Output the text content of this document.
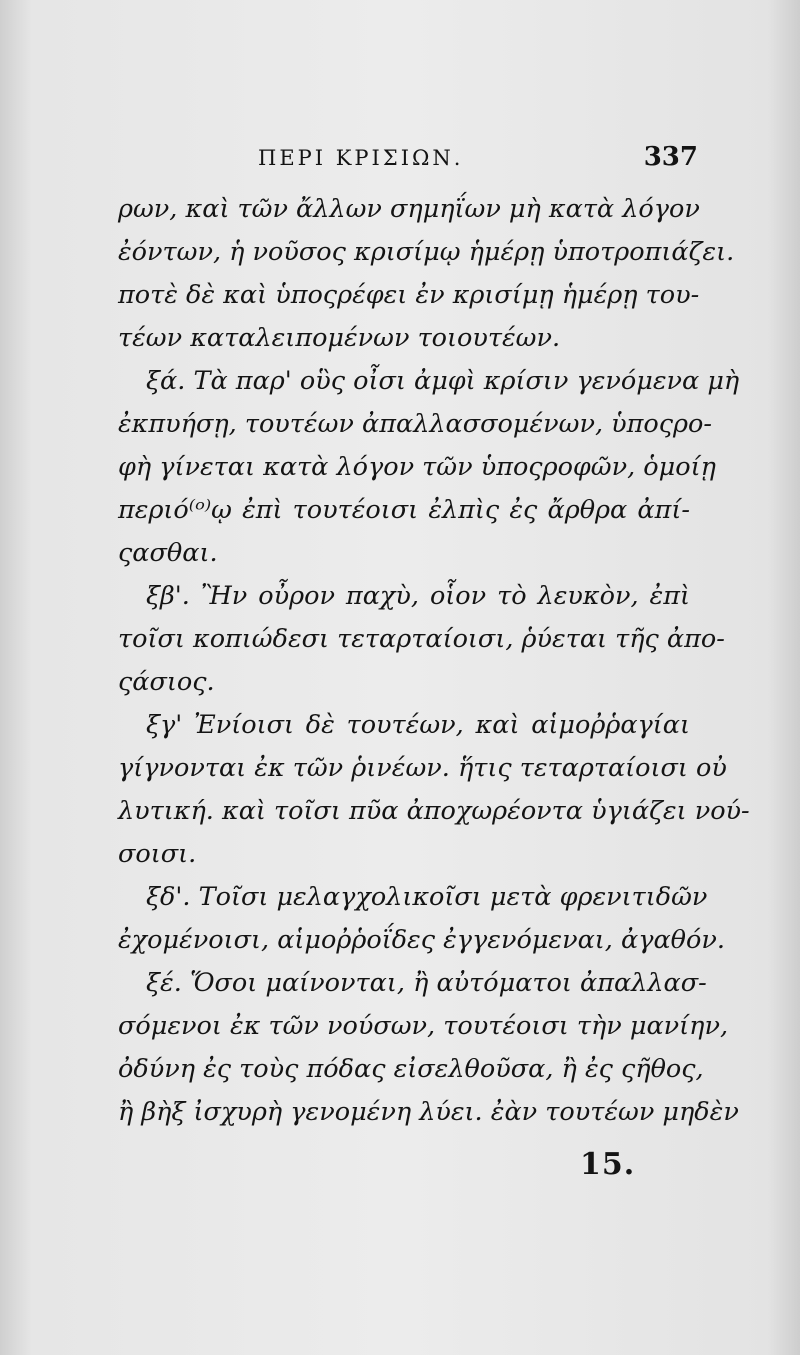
ΠΕΡΙ ΚΡΙΣΙΩΝ.	337
ρων, καὶ τῶν ἄλλων σημηΐων μὴ κατὰ λόγον
ἐόντων, ἡ νοῦσος κρισίμῳ ἡμέρῃ ὑποτροπιάζει.
ποτὲ δὲ καὶ ὑποςρέφει ἐν κρισίμῃ ἡμέρῃ του-
τέων καταλειπομένων τοιουτέων.
ξά. Τὰ παρ' οὓς οἶσι ἀμφὶ κρίσιν γενόμενα μὴ
ἐκπυήσῃ, τουτέων ἀπαλλασσομένων, ὑποςρο-
φὴ γίνεται κατὰ λόγον τῶν ὑποςροφῶν, ὁμοίῃ
περιό⁽ᵒ⁾ῳ ἐπὶ τουτέοισι ἐλπὶς ἐς ἄρθρα ἀπί-
ςασθαι.
ξβ'. Ἢν οὖρον παχὺ, οἷον τὸ λευκὸν, ἐπὶ
τοῖσι κοπιώδεσι τεταρταίοισι, ῥύεται τῆς ἀπο-
ςάσιος.
ξγ' Ἐνίοισι δὲ τουτέων, καὶ αἱμοῤῥαγίαι
γίγνονται ἐκ τῶν ῥινέων. ἥτις τεταρταίοισι οὐ
λυτική. καὶ τοῖσι πῦα ἀποχωρέοντα ὑγιάζει νού-
σοισι.
ξδ'. Τοῖσι μελαγχολικοῖσι μετὰ φρενιτιδῶν
ἐχομένοισι, αἱμοῤῥοΐδες ἐγγενόμεναι, ἀγαθόν.
ξέ. Ὅσοι μαίνονται, ἢ αὐτόματοι ἀπαλλασ-
σόμενοι ἐκ τῶν νούσων, τουτέοισι τὴν μανίην,
ὀδύνη ἐς τοὺς πόδας εἰσελθοῦσα, ἢ ἐς ςῆθος,
ἢ βὴξ ἰσχυρὴ γενομένη λύει. ἐὰν τουτέων μηδὲν
15.
